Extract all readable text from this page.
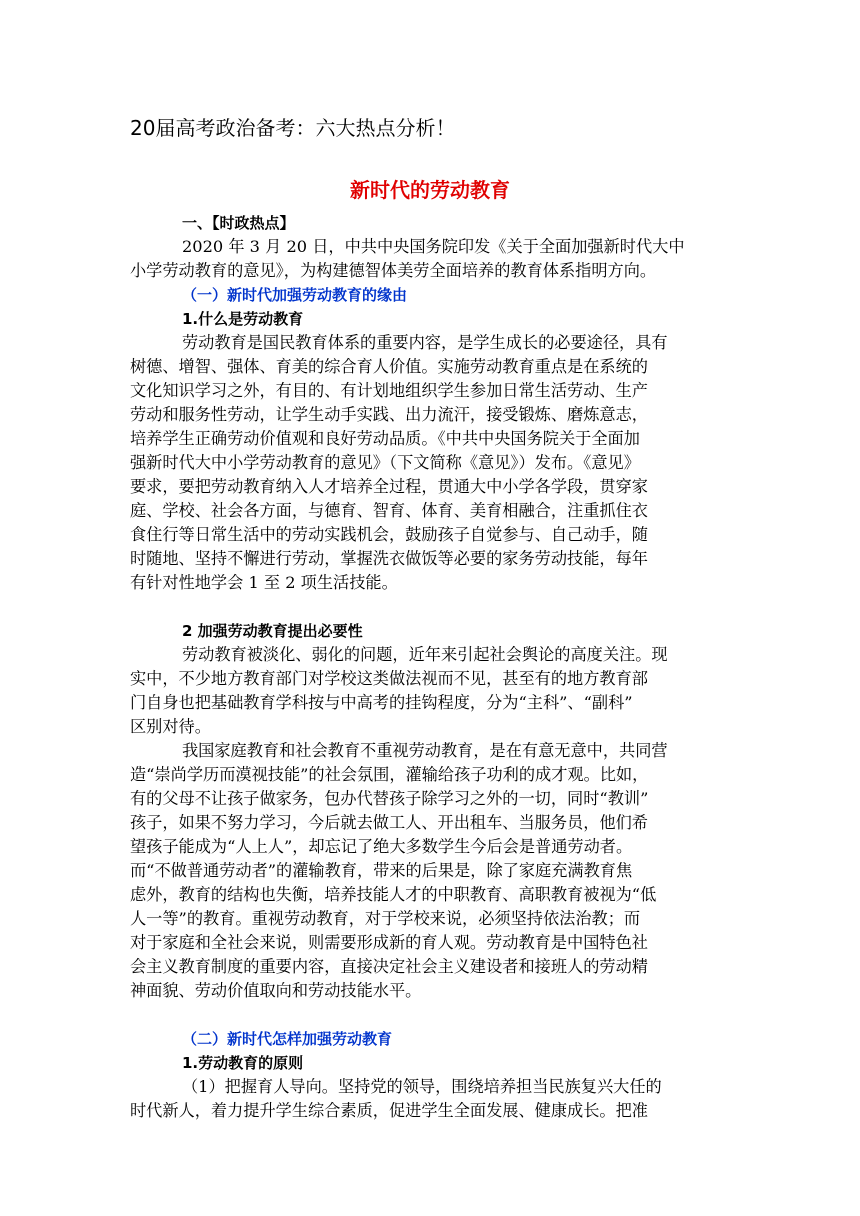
20届高考政治备考：六大热点分析！
新时代的劳动教育
一、【时政热点】
2020 年 3 月 20 日，中共中央国务院印发《关于全面加强新时代大中
小学劳动教育的意见》，为构建德智体美劳全面培养的教育体系指明方向。
（一）新时代加强劳动教育的缘由
1.什么是劳动教育
劳动教育是国民教育体系的重要内容，是学生成长的必要途径，具有
树德、增智、强体、育美的综合育人价值。实施劳动教育重点是在系统的
文化知识学习之外，有目的、有计划地组织学生参加日常生活劳动、生产
劳动和服务性劳动，让学生动手实践、出力流汗，接受锻炼、磨炼意志，
培养学生正确劳动价值观和良好劳动品质。《中共中央国务院关于全面加
强新时代大中小学劳动教育的意见》（下文简称《意见》）发布。《意见》
要求，要把劳动教育纳入人才培养全过程，贯通大中小学各学段，贯穿家
庭、学校、社会各方面，与德育、智育、体育、美育相融合，注重抓住衣
食住行等日常生活中的劳动实践机会，鼓励孩子自觉参与、自己动手，随
时随地、坚持不懈进行劳动，掌握洗衣做饭等必要的家务劳动技能，每年
有针对性地学会 1 至 2 项生活技能。
2 加强劳动教育提出必要性
劳动教育被淡化、弱化的问题，近年来引起社会舆论的高度关注。现
实中，不少地方教育部门对学校这类做法视而不见，甚至有的地方教育部
门自身也把基础教育学科按与中高考的挂钩程度，分为“主科”、“副科”
区别对待。
我国家庭教育和社会教育不重视劳动教育，是在有意无意中，共同营
造“崇尚学历而漠视技能”的社会氛围，灌输给孩子功利的成才观。比如，
有的父母不让孩子做家务，包办代替孩子除学习之外的一切，同时“教训”
孩子，如果不努力学习，今后就去做工人、开出租车、当服务员，他们希
望孩子能成为“人上人”，却忘记了绝大多数学生今后会是普通劳动者。
而“不做普通劳动者”的灌输教育，带来的后果是，除了家庭充满教育焦
虑外，教育的结构也失衡，培养技能人才的中职教育、高职教育被视为“低
人一等”的教育。重视劳动教育，对于学校来说，必须坚持依法治教；而
对于家庭和全社会来说，则需要形成新的育人观。劳动教育是中国特色社
会主义教育制度的重要内容，直接决定社会主义建设者和接班人的劳动精
神面貌、劳动价值取向和劳动技能水平。
（二）新时代怎样加强劳动教育
1.劳动教育的原则
（1）把握育人导向。坚持党的领导，围绕培养担当民族复兴大任的
时代新人，着力提升学生综合素质，促进学生全面发展、健康成长。把准
